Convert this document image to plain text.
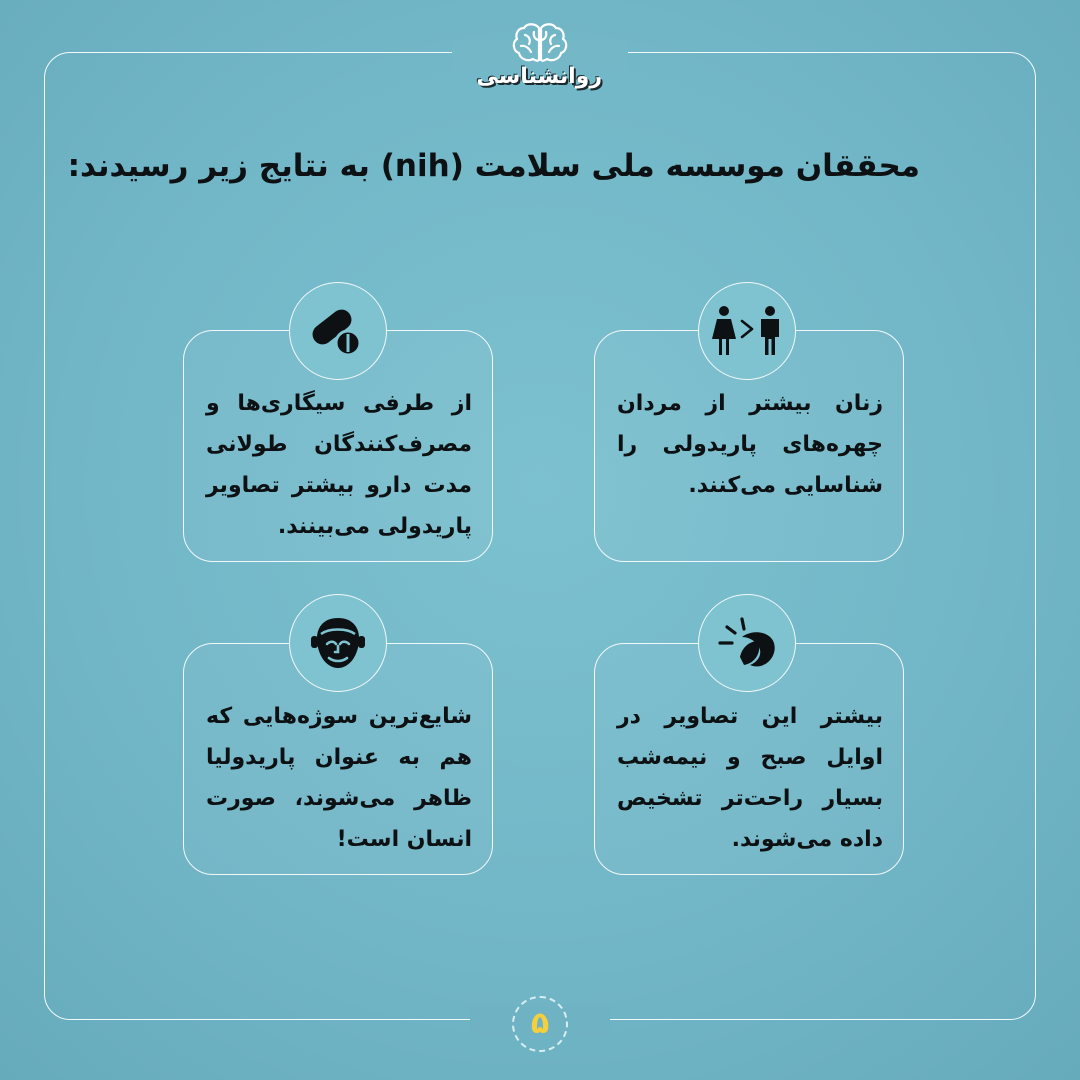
روانشناسی
محققان موسسه ملی سلامت (nih) به نتایج زیر رسیدند:
زنان بیشتر از مردان چهره‌های پاریدولی را شناسایی می‌کنند.
از طرفی سیگاری‌ها و مصرف‌کنندگان طولانی مدت دارو بیشتر تصاویر پاریدولی می‌بینند.
بیشتر این تصاویر در اوایل صبح و نیمه‌شب بسیار راحت‌تر تشخیص داده می‌شوند.
شایع‌ترین سوژه‌هایی که هم به عنوان پاریدولیا ظاهر می‌شوند، صورت انسان است!
۵
